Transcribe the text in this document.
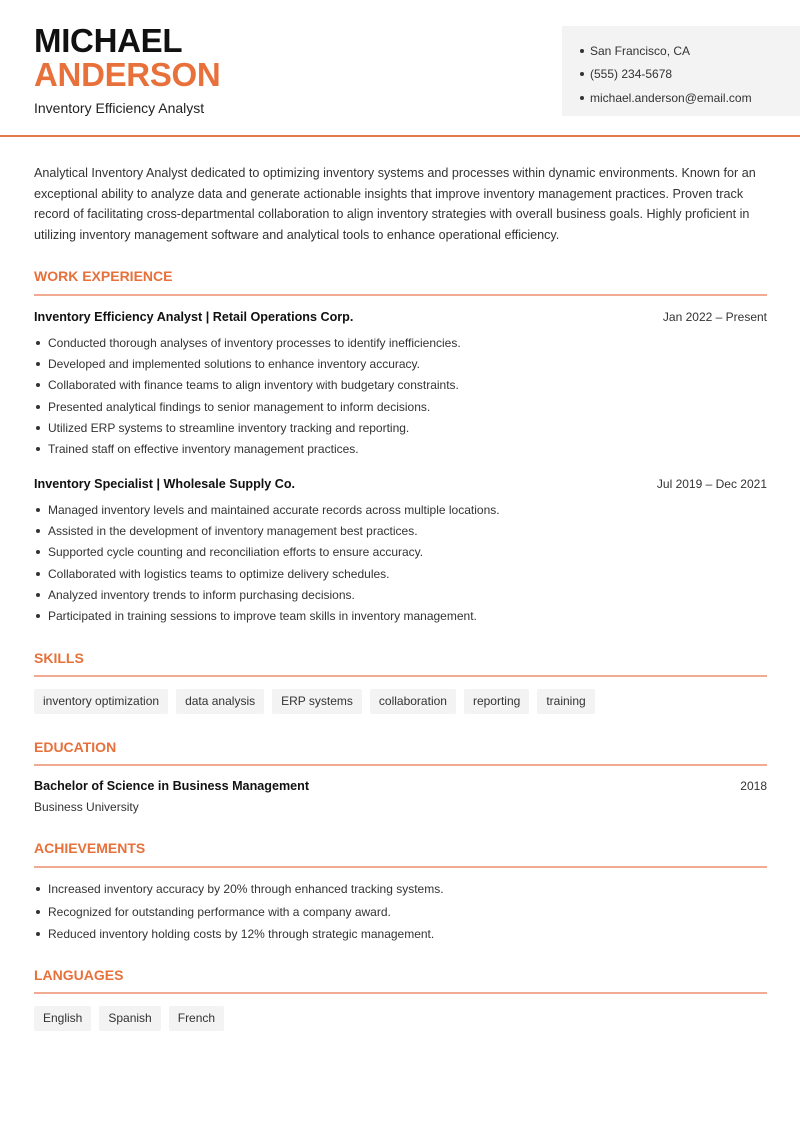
MICHAEL
ANDERSON
Inventory Efficiency Analyst
San Francisco, CA
(555) 234-5678
michael.anderson@email.com

Analytical Inventory Analyst dedicated to optimizing inventory systems and processes within dynamic environments. Known for an exceptional ability to analyze data and generate actionable insights that improve inventory management practices. Proven track record of facilitating cross-departmental collaboration to align inventory strategies with overall business goals. Highly proficient in utilizing inventory management software and analytical tools to enhance operational efficiency.

WORK EXPERIENCE
Inventory Efficiency Analyst | Retail Operations Corp.	Jan 2022 – Present
Conducted thorough analyses of inventory processes to identify inefficiencies.
Developed and implemented solutions to enhance inventory accuracy.
Collaborated with finance teams to align inventory with budgetary constraints.
Presented analytical findings to senior management to inform decisions.
Utilized ERP systems to streamline inventory tracking and reporting.
Trained staff on effective inventory management practices.
Inventory Specialist | Wholesale Supply Co.	Jul 2019 – Dec 2021
Managed inventory levels and maintained accurate records across multiple locations.
Assisted in the development of inventory management best practices.
Supported cycle counting and reconciliation efforts to ensure accuracy.
Collaborated with logistics teams to optimize delivery schedules.
Analyzed inventory trends to inform purchasing decisions.
Participated in training sessions to improve team skills in inventory management.
SKILLS
inventory optimization	data analysis	ERP systems	collaboration	reporting	training
EDUCATION
Bachelor of Science in Business Management	2018
Business University
ACHIEVEMENTS
Increased inventory accuracy by 20% through enhanced tracking systems.
Recognized for outstanding performance with a company award.
Reduced inventory holding costs by 12% through strategic management.
LANGUAGES
English	Spanish	French
